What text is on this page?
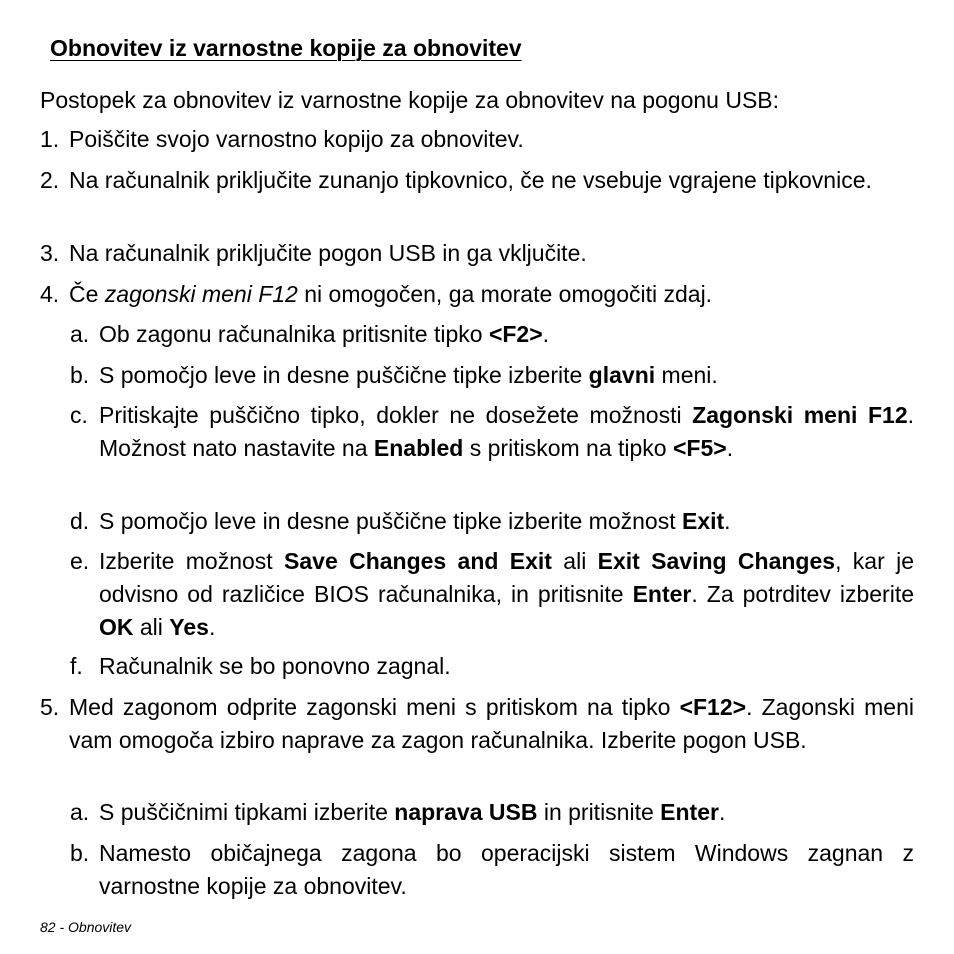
Obnovitev iz varnostne kopije za obnovitev

Postopek za obnovitev iz varnostne kopije za obnovitev na pogonu USB:

1. Poiščite svojo varnostno kopijo za obnovitev.
2. Na računalnik priključite zunanjo tipkovnico, če ne vsebuje vgrajene tipkovnice.
3. Na računalnik priključite pogon USB in ga vključite.
4. Če zagonski meni F12 ni omogočen, ga morate omogočiti zdaj.
a. Ob zagonu računalnika pritisnite tipko <F2>.
b. S pomočjo leve in desne puščične tipke izberite glavni meni.
c. Pritiskajte puščično tipko, dokler ne dosežete možnosti Zagonski meni F12. Možnost nato nastavite na Enabled s pritiskom na tipko <F5>.
d. S pomočjo leve in desne puščične tipke izberite možnost Exit.
e. Izberite možnost Save Changes and Exit ali Exit Saving Changes, kar je odvisno od različice BIOS računalnika, in pritisnite Enter. Za potrditev izberite OK ali Yes.
f. Računalnik se bo ponovno zagnal.
5. Med zagonom odprite zagonski meni s pritiskom na tipko <F12>. Zagonski meni vam omogoča izbiro naprave za zagon računalnika. Izberite pogon USB.
a. S puščičnimi tipkami izberite naprava USB in pritisnite Enter.
b. Namesto običajnega zagona bo operacijski sistem Windows zagnan z varnostne kopije za obnovitev.
82 - Obnovitev
